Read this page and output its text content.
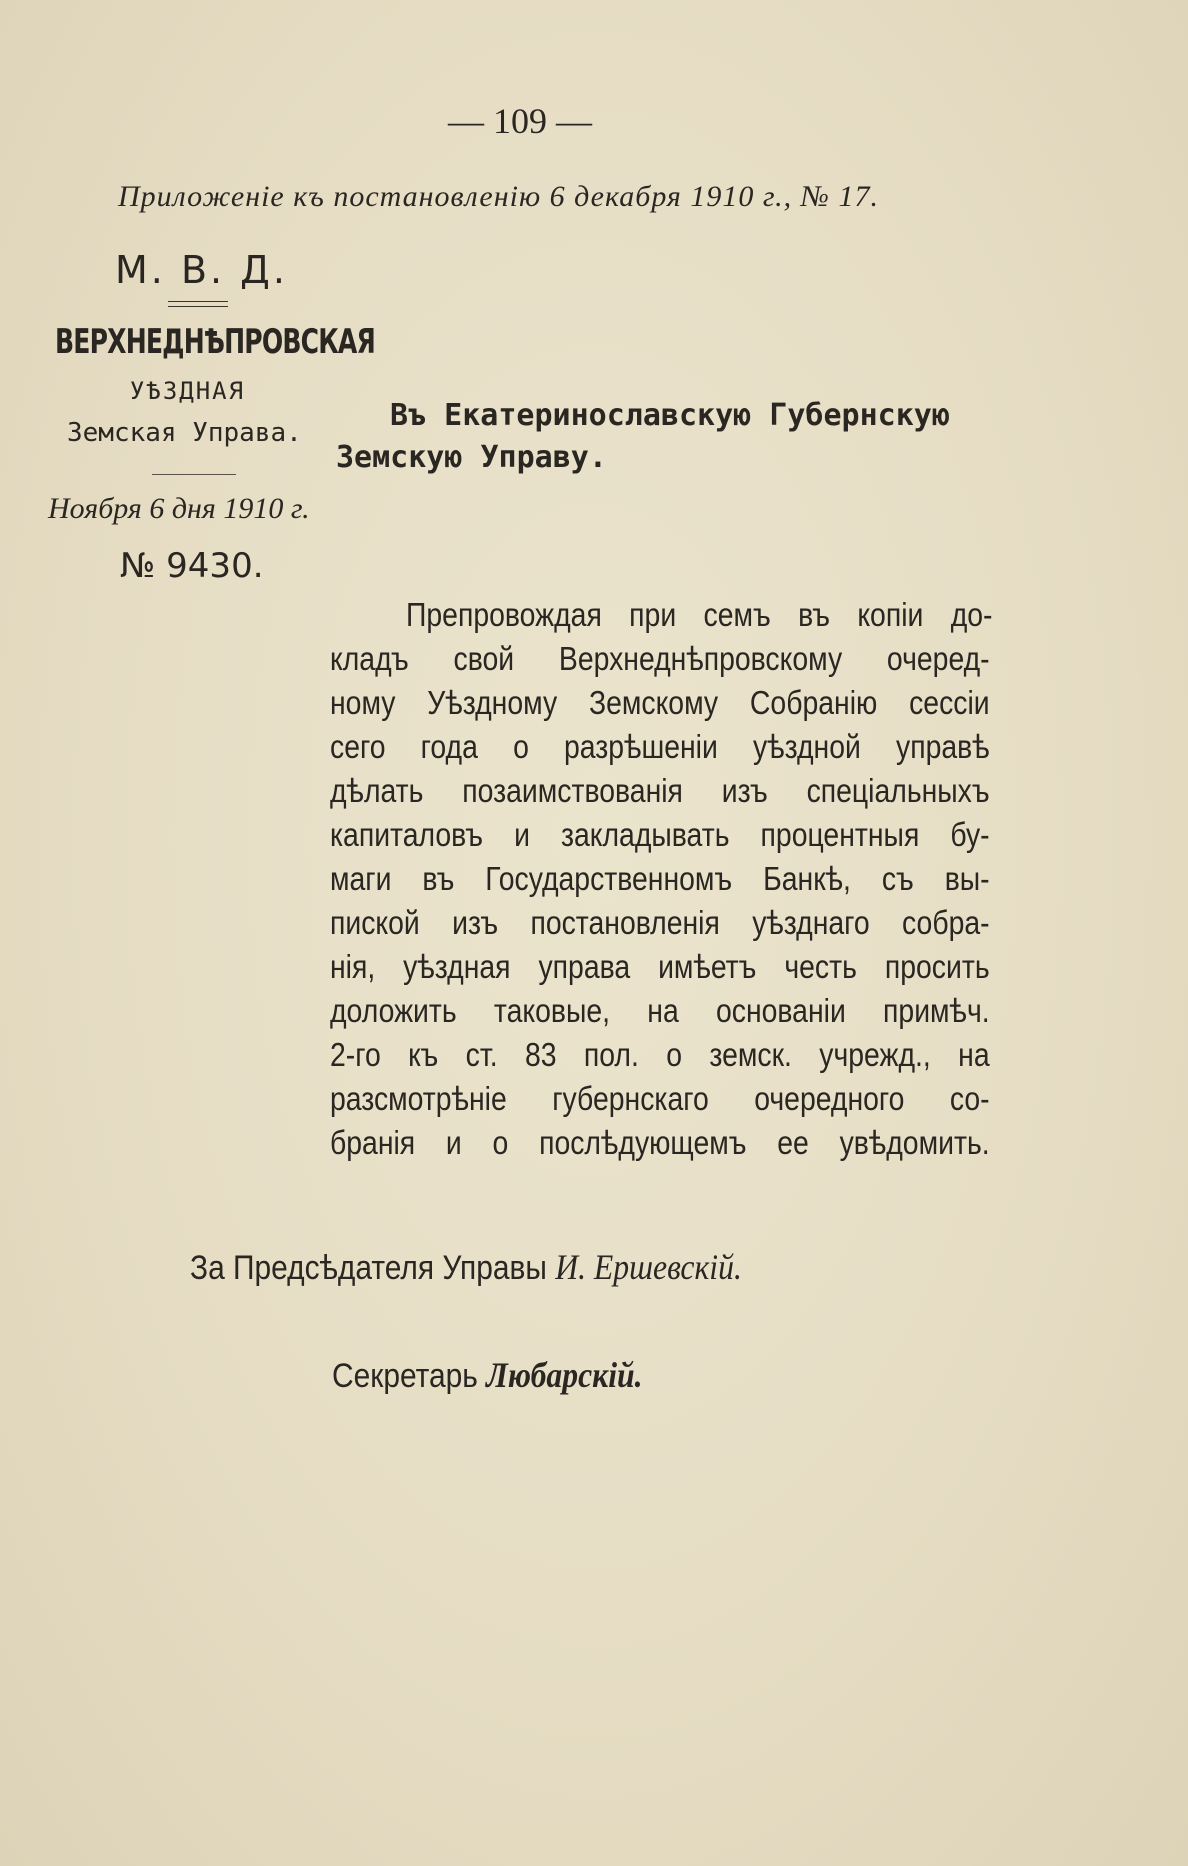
— 109 —
Приложенiе къ постановленiю 6 декабря 1910 г., № 17.
М. В. Д.
ВЕРХНЕДНѢПРОВСКАЯ
УѢЗДНАЯ
Земская Управа.
Ноября 6 дня 1910 г.
№ 9430.
Въ Екатеринославскую Губернскую
Земскую Управу.
Препровождая при семъ въ копiи до-
кладъ свой Верхнеднѣпровскому очеред-
ному Уѣздному Земскому Собранiю сессiи
сего года о разрѣшенiи уѣздной управѣ
дѣлать позаимствованiя изъ спецiальныхъ
капиталовъ и закладывать процентныя бу-
маги въ Государственномъ Банкѣ, съ вы-
пиской изъ постановленiя уѣзднаго собра-
нiя, уѣздная управа имѣетъ честь просить
доложить таковые, на основанiи примѣч.
2-го къ ст. 83 пол. о земск. учрежд., на
разсмотрѣнiе губернскаго очередного со-
бранiя и о послѣдующемъ ее увѣдомить.
За Предсѣдателя Управы И. Ершевскiй.
Секретарь Любарскiй.
